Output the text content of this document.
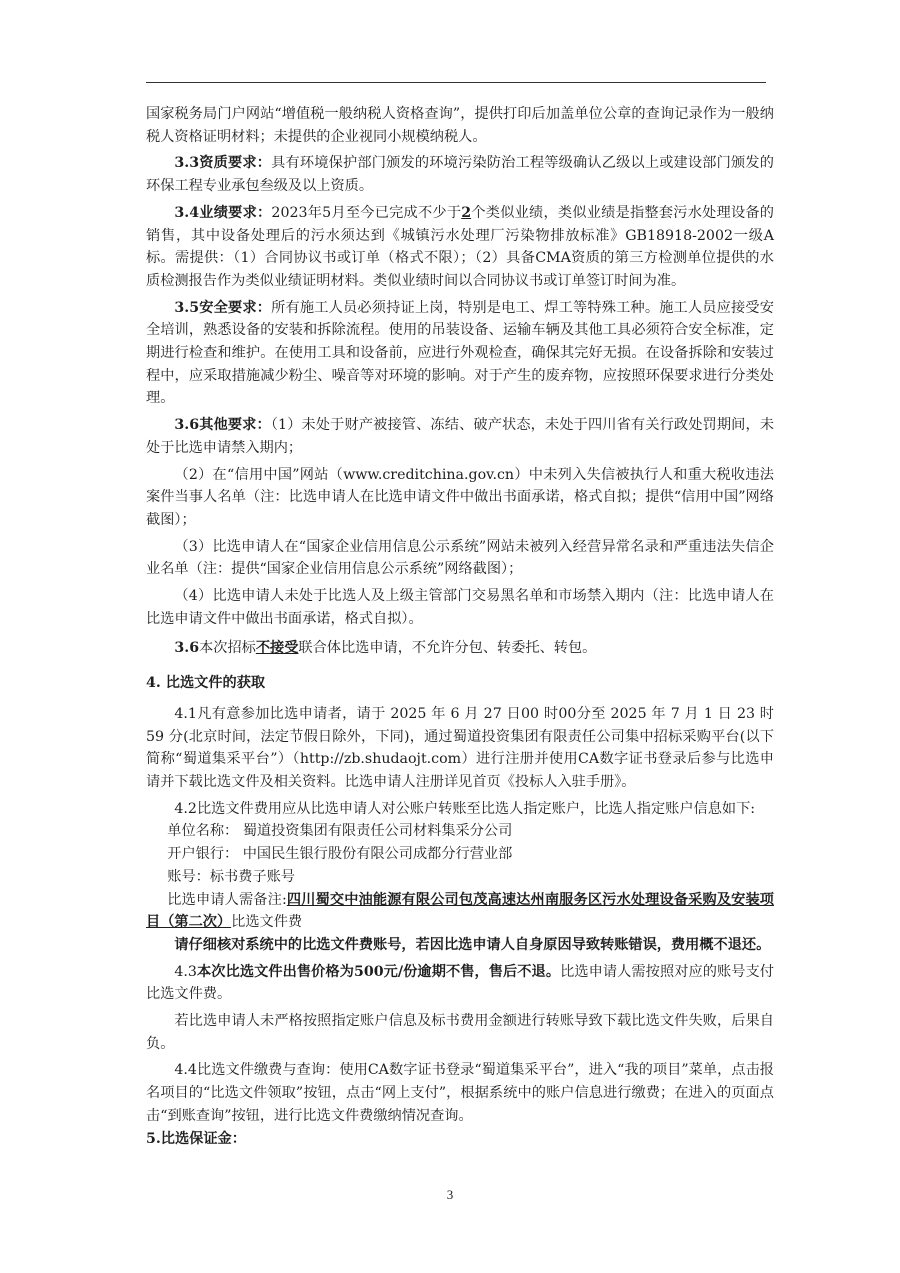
国家税务局门户网站“增值税一般纳税人资格查询”，提供打印后加盖单位公章的查询记录作为一般纳税人资格证明材料；未提供的企业视同小规模纳税人。

3.3资质要求：具有环境保护部门颁发的环境污染防治工程等级确认乙级以上或建设部门颁发的环保工程专业承包叁级及以上资质。

3.4业绩要求：2023年5月至今已完成不少于2个类似业绩，类似业绩是指整套污水处理设备的销售，其中设备处理后的污水须达到《城镇污水处理厂污染物排放标准》GB18918-2002一级A标。需提供：（1）合同协议书或订单（格式不限）；（2）具备CMA资质的第三方检测单位提供的水质检测报告作为类似业绩证明材料。类似业绩时间以合同协议书或订单签订时间为准。

3.5安全要求：所有施工人员必须持证上岗，特别是电工、焊工等特殊工种。施工人员应接受安全培训，熟悉设备的安装和拆除流程。使用的吊装设备、运输车辆及其他工具必须符合安全标准，定期进行检查和维护。在使用工具和设备前，应进行外观检查，确保其完好无损。在设备拆除和安装过程中，应采取措施减少粉尘、噪音等对环境的影响。对于产生的废弃物，应按照环保要求进行分类处理。

3.6其他要求：（1）未处于财产被接管、冻结、破产状态，未处于四川省有关行政处罚期间，未处于比选申请禁入期内；

（2）在“信用中国”网站（www.creditchina.gov.cn）中未列入失信被执行人和重大税收违法案件当事人名单（注：比选申请人在比选申请文件中做出书面承诺，格式自拟；提供“信用中国”网络截图）；

（3）比选申请人在“国家企业信用信息公示系统”网站未被列入经营异常名录和严重违法失信企业名单（注：提供“国家企业信用信息公示系统”网络截图）；

（4）比选申请人未处于比选人及上级主管部门交易黑名单和市场禁入期内（注：比选申请人在比选申请文件中做出书面承诺，格式自拟）。

3.6本次招标不接受联合体比选申请，不允许分包、转委托、转包。

4. 比选文件的获取

4.1凡有意参加比选申请者，请于 2025 年 6 月 27 日00 时00分至 2025 年 7 月 1 日 23 时 59 分(北京时间，法定节假日除外，下同)，通过蜀道投资集团有限责任公司集中招标采购平台(以下简称“蜀道集采平台”）（http://zb.shudaojt.com）进行注册并使用CA数字证书登录后参与比选申请并下载比选文件及相关资料。比选申请人注册详见首页《投标人入驻手册》。

4.2比选文件费用应从比选申请人对公账户转账至比选人指定账户，比选人指定账户信息如下:

单位名称： 蜀道投资集团有限责任公司材料集采分公司

开户银行： 中国民生银行股份有限公司成都分行营业部

账号：标书费子账号

比选申请人需备注:四川蜀交中油能源有限公司包茂高速达州南服务区污水处理设备采购及安装项目（第二次）比选文件费

请仔细核对系统中的比选文件费账号，若因比选申请人自身原因导致转账错误，费用概不退还。

4.3本次比选文件出售价格为500元/份逾期不售，售后不退。比选申请人需按照对应的账号支付比选文件费。

若比选申请人未严格按照指定账户信息及标书费用金额进行转账导致下载比选文件失败，后果自负。

4.4比选文件缴费与查询：使用CA数字证书登录“蜀道集采平台”，进入“我的项目”菜单，点击报名项目的“比选文件领取”按钮，点击“网上支付”，根据系统中的账户信息进行缴费；在进入的页面点击“到账查询”按钮，进行比选文件费缴纳情况查询。

5.比选保证金：

3
